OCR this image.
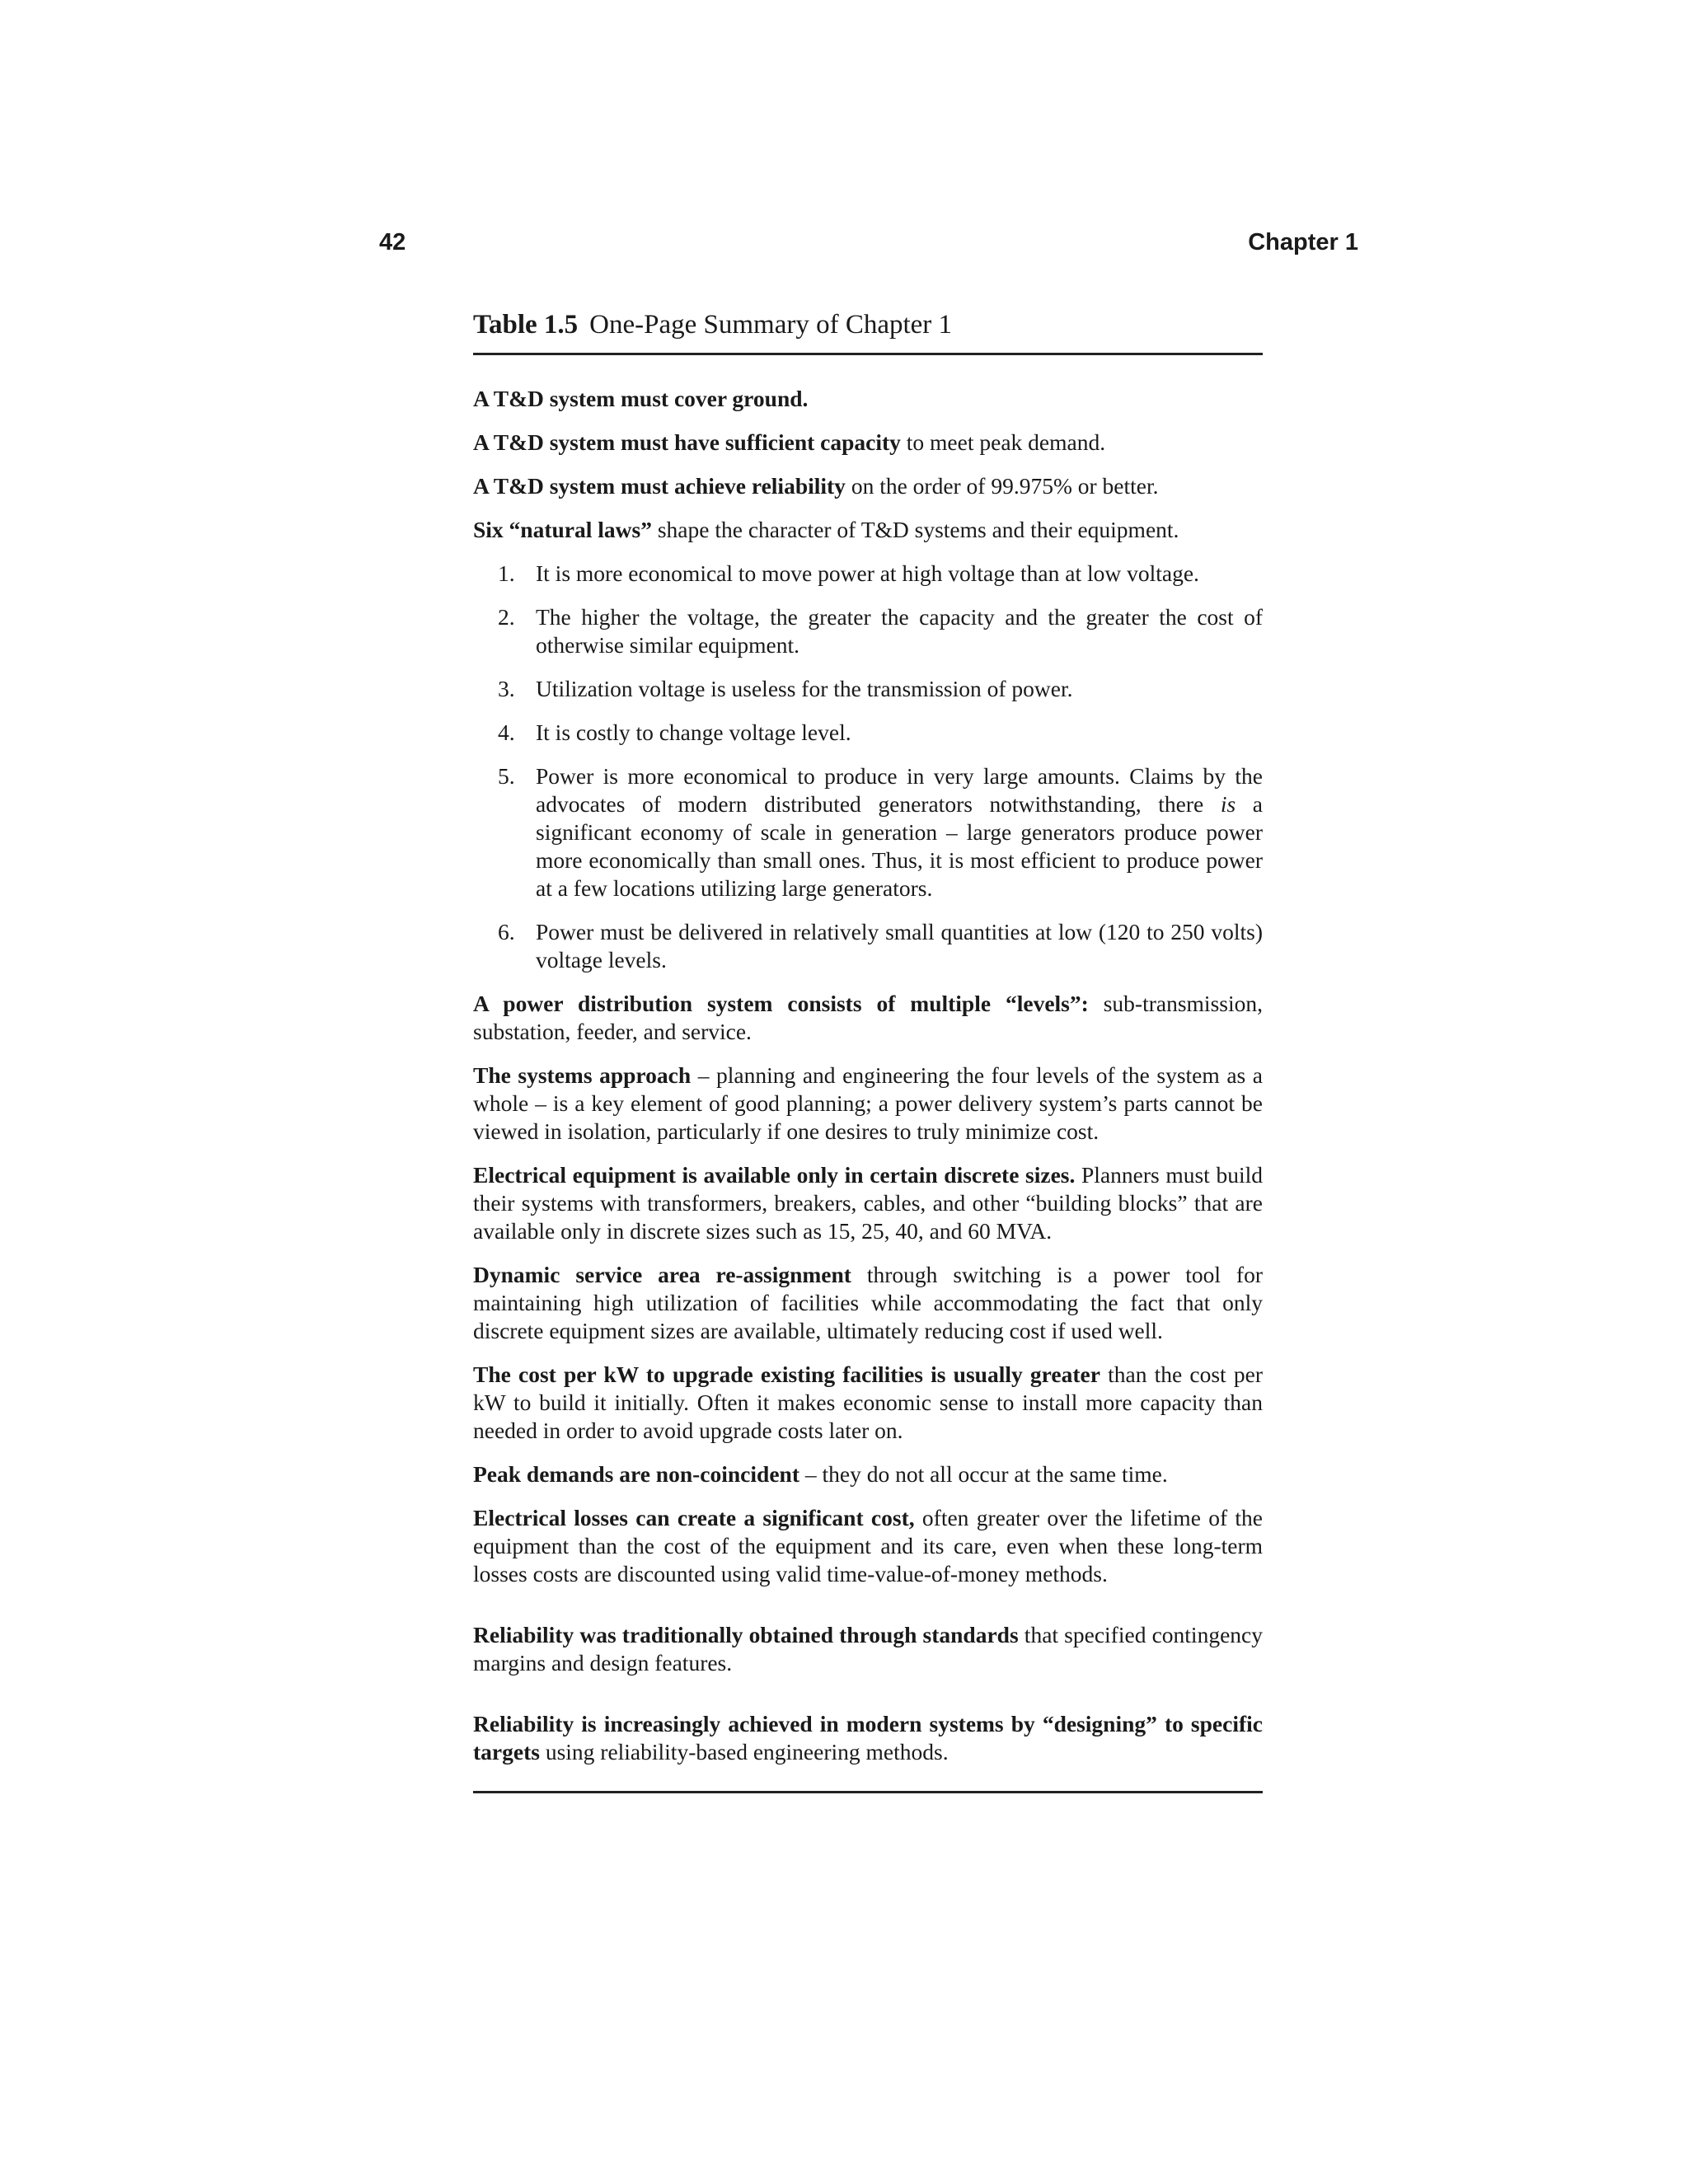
42	Chapter 1
Table 1.5 One-Page Summary of Chapter 1

A T&D system must cover ground.

A T&D system must have sufficient capacity to meet peak demand.

A T&D system must achieve reliability on the order of 99.975% or better.

Six “natural laws” shape the character of T&D systems and their equipment.

1. It is more economical to move power at high voltage than at low voltage.
2. The higher the voltage, the greater the capacity and the greater the cost of otherwise similar equipment.
3. Utilization voltage is useless for the transmission of power.
4. It is costly to change voltage level.
5. Power is more economical to produce in very large amounts. Claims by the advocates of modern distributed generators notwithstanding, there is a significant economy of scale in generation – large generators produce power more economically than small ones. Thus, it is most efficient to produce power at a few locations utilizing large generators.
6. Power must be delivered in relatively small quantities at low (120 to 250 volts) voltage levels.

A power distribution system consists of multiple “levels”: sub-transmission, substation, feeder, and service.

The systems approach – planning and engineering the four levels of the system as a whole – is a key element of good planning; a power delivery system’s parts cannot be viewed in isolation, particularly if one desires to truly minimize cost.

Electrical equipment is available only in certain discrete sizes. Planners must build their systems with transformers, breakers, cables, and other “building blocks” that are available only in discrete sizes such as 15, 25, 40, and 60 MVA.

Dynamic service area re-assignment through switching is a power tool for maintaining high utilization of facilities while accommodating the fact that only discrete equipment sizes are available, ultimately reducing cost if used well.

The cost per kW to upgrade existing facilities is usually greater than the cost per kW to build it initially. Often it makes economic sense to install more capacity than needed in order to avoid upgrade costs later on.

Peak demands are non-coincident – they do not all occur at the same time.

Electrical losses can create a significant cost, often greater over the lifetime of the equipment than the cost of the equipment and its care, even when these long-term losses costs are discounted using valid time-value-of-money methods.

Reliability was traditionally obtained through standards that specified contingency margins and design features.

Reliability is increasingly achieved in modern systems by “designing” to specific targets using reliability-based engineering methods.
